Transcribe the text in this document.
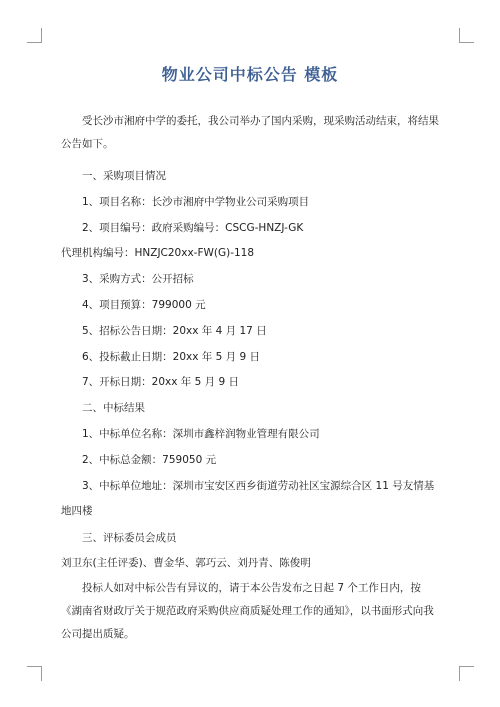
物业公司中标公告 模板

受长沙市湘府中学的委托，我公司举办了国内采购，现采购活动结束，将结果公告如下。

一、采购项目情况
1、项目名称：长沙市湘府中学物业公司采购项目
2、项目编号：政府采购编号：CSCG-HNZJ-GK
代理机构编号：HNZJC20xx-FW(G)-118
3、采购方式：公开招标
4、项目预算：799000 元
5、招标公告日期：20xx 年 4 月 17 日
6、投标截止日期：20xx 年 5 月 9 日
7、开标日期：20xx 年 5 月 9 日
二、中标结果
1、中标单位名称：深圳市鑫梓润物业管理有限公司
2、中标总金额：759050 元
3、中标单位地址：深圳市宝安区西乡街道劳动社区宝源综合区 11 号友情基地四楼
三、评标委员会成员
刘卫东(主任评委)、曹金华、郭巧云、刘丹青、陈俊明

投标人如对中标公告有异议的，请于本公告发布之日起 7 个工作日内，按《湖南省财政厅关于规范政府采购供应商质疑处理工作的通知》，以书面形式向我公司提出质疑。
